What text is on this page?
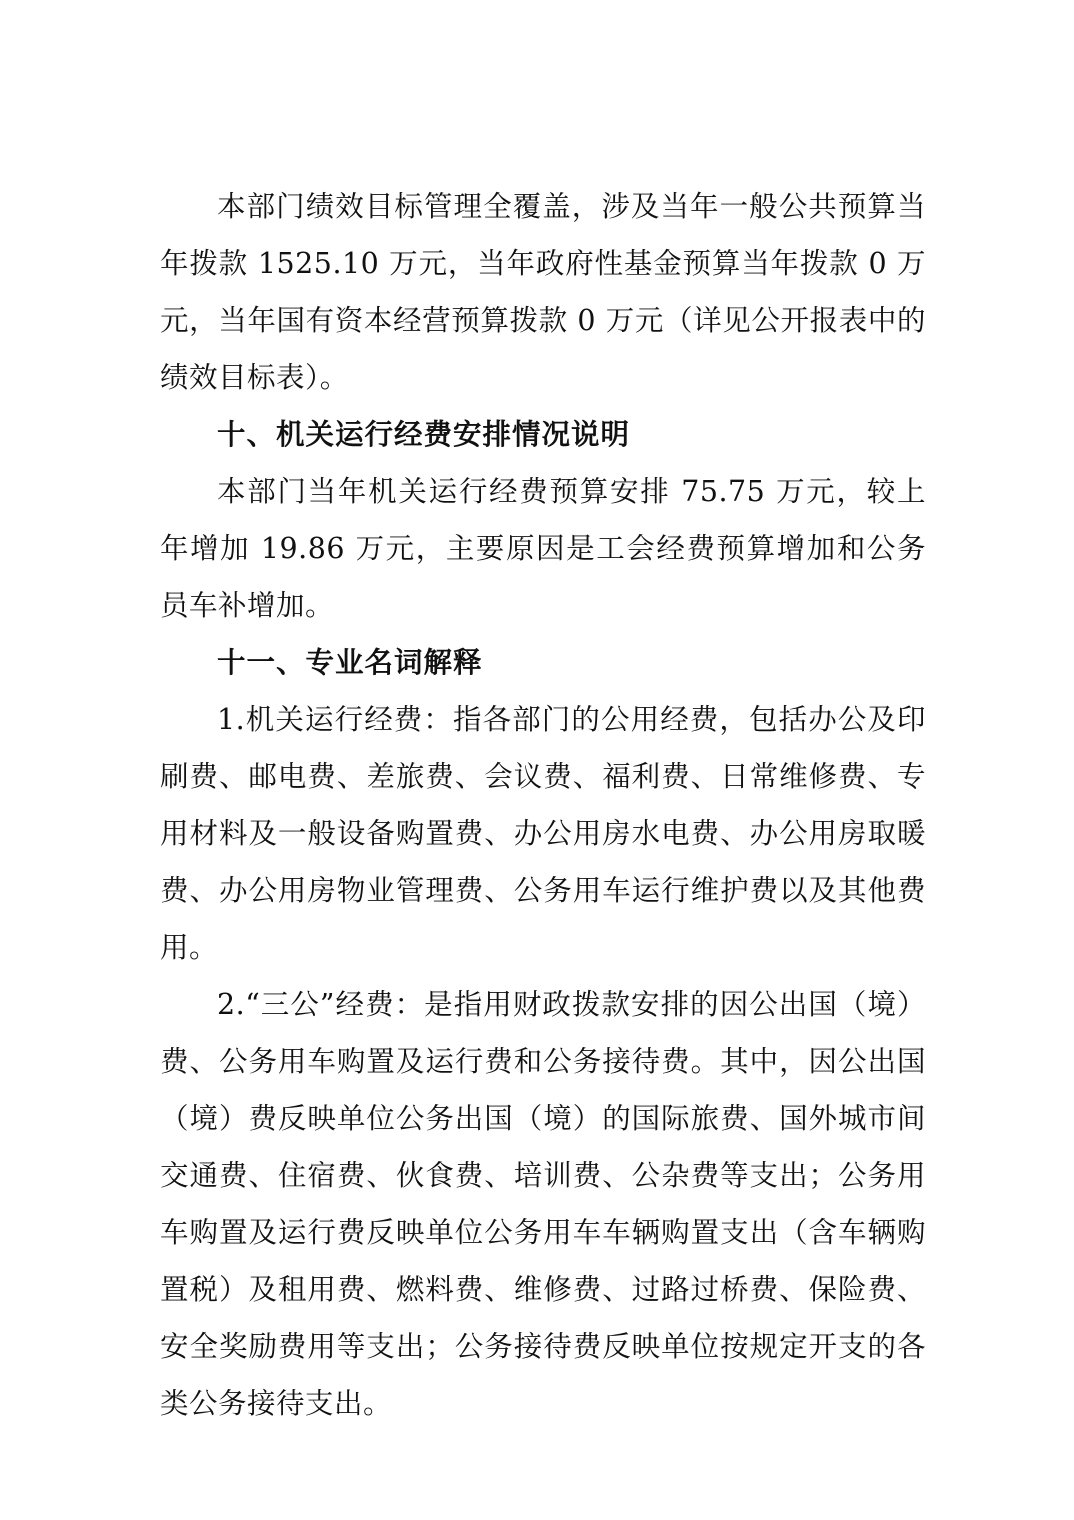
本部门绩效目标管理全覆盖，涉及当年一般公共预算当年拨款 1525.10 万元，当年政府性基金预算当年拨款 0 万元，当年国有资本经营预算拨款 0 万元（详见公开报表中的绩效目标表）。

十、机关运行经费安排情况说明

本部门当年机关运行经费预算安排 75.75 万元，较上年增加 19.86 万元，主要原因是工会经费预算增加和公务员车补增加。

十一、专业名词解释

1.机关运行经费：指各部门的公用经费，包括办公及印刷费、邮电费、差旅费、会议费、福利费、日常维修费、专用材料及一般设备购置费、办公用房水电费、办公用房取暖费、办公用房物业管理费、公务用车运行维护费以及其他费用。

2.“三公”经费：是指用财政拨款安排的因公出国（境）费、公务用车购置及运行费和公务接待费。其中，因公出国（境）费反映单位公务出国（境）的国际旅费、国外城市间交通费、住宿费、伙食费、培训费、公杂费等支出；公务用车购置及运行费反映单位公务用车车辆购置支出（含车辆购置税）及租用费、燃料费、维修费、过路过桥费、保险费、安全奖励费用等支出；公务接待费反映单位按规定开支的各类公务接待支出。
